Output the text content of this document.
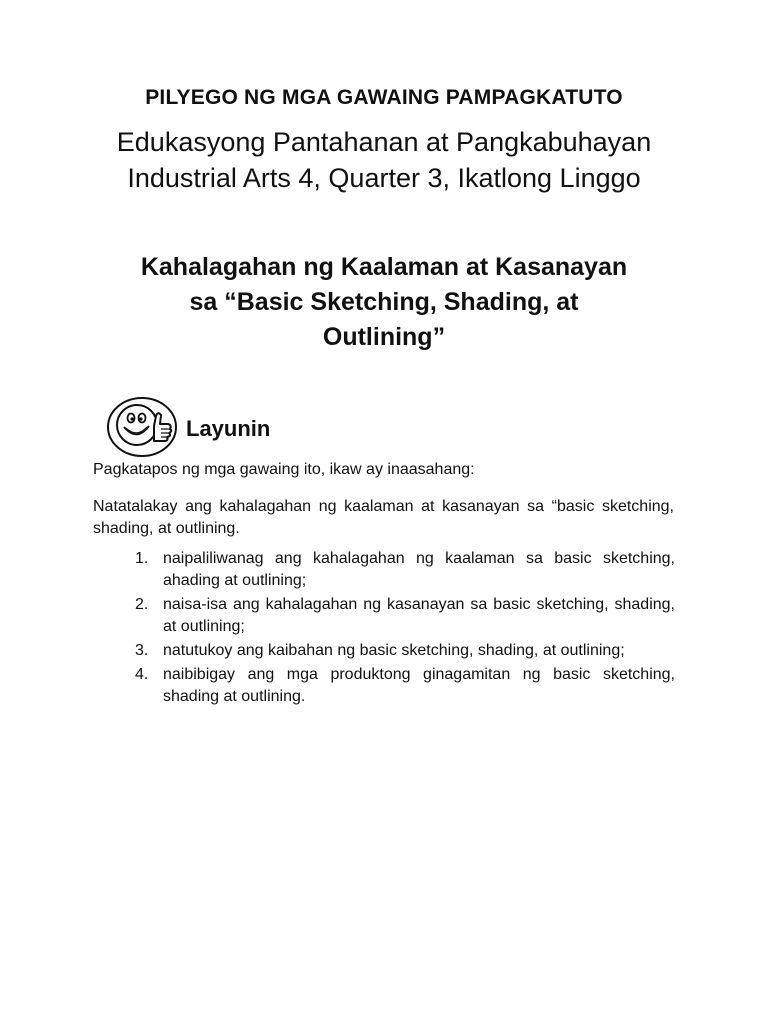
PILYEGO NG MGA GAWAING PAMPAGKATUTO
Edukasyong Pantahanan at Pangkabuhayan
Industrial Arts 4, Quarter 3, Ikatlong Linggo
Kahalagahan ng Kaalaman at Kasanayan
sa “Basic Sketching, Shading, at
Outlining”
Layunin
Pagkatapos ng mga gawaing ito, ikaw ay inaasahang:
Natatalakay ang kahalagahan ng kaalaman at kasanayan sa “basic sketching, shading, at outlining.
1. naipaliliwanag ang kahalagahan ng kaalaman sa basic sketching, ahading at outlining;
2. naisa-isa ang kahalagahan ng kasanayan sa basic sketching, shading, at outlining;
3. natutukoy ang kaibahan ng basic sketching, shading, at outlining;
4. naibibigay ang mga produktong ginagamitan ng basic sketching, shading at outlining.
